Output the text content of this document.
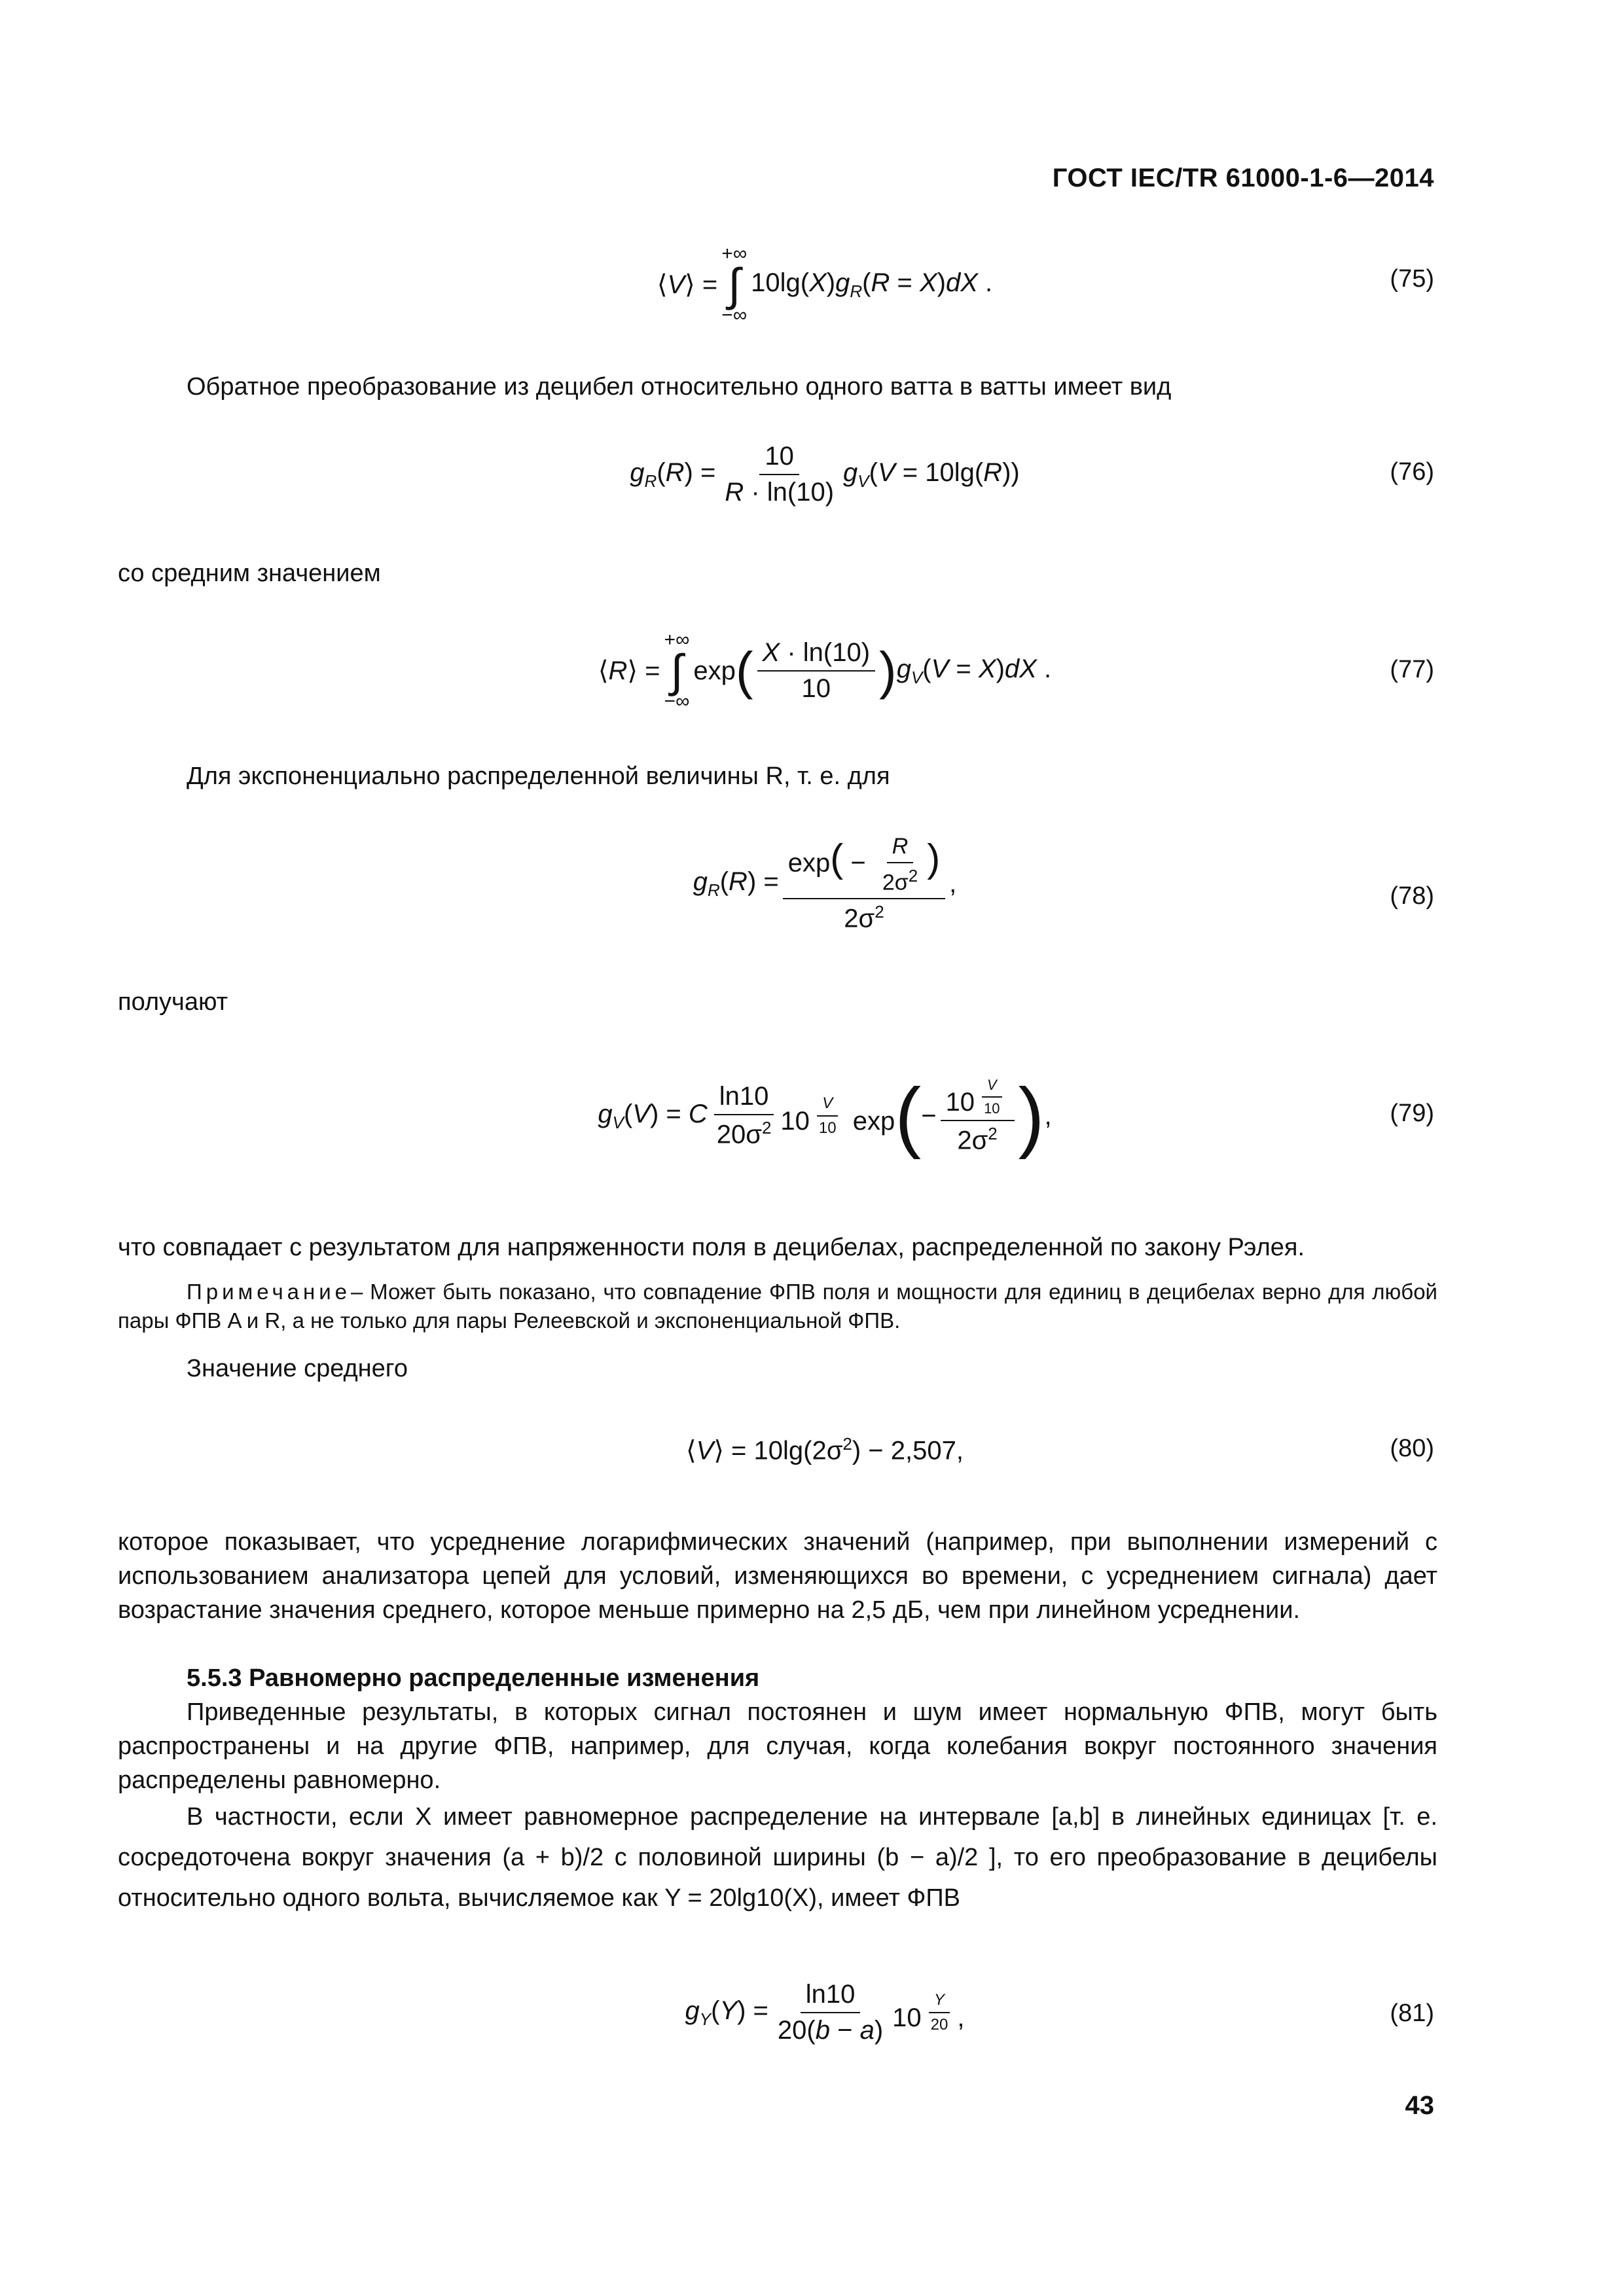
ГОСТ IEC/TR 61000-1-6—2014
⟨V⟩ =
+∞
∫
−∞
$10\lg(X)g_R(R = X)dX$ .	(75)
Обратное преобразование из децибел относительно одного ватта в ватты имеет вид
$g_R(R) = \frac{10}{R \cdot \ln(10)} g_V(V = 10\lg(R))$	(76)
со средним значением
⟨R⟩ =
+∞
∫
−∞
exp ( $\frac{X \cdot \ln(10)}{10}$ ) $g_V(V = X)dX$ .	(77)
Для экспоненциально распределенной величины R, т. е. для
$g_R(R) = \frac{\exp( - \frac{R}{2\sigma^2} )}{2\sigma^2}$ ,	(78)
получают
$g_V(V) = C \frac{\ln 10}{20\sigma^2} 10$ $^{\frac{V}{10}}$ exp ( − 10 $^{\frac{V}{10}}$
$2\sigma^2$ ) ,	(79)
что совпадает с результатом для напряженности поля в децибелах, распределенной по закону Рэлея.
Примечание– Может быть показано, что совпадение ФПВ поля и мощности для единиц в децибелах верно для любой пары ФПВ A и R, а не только для пары Релеевской и экспоненциальной ФПВ.
Значение среднего
⟨V⟩ = $10\lg(2\sigma^2) - 2,507$,	(80)
которое показывает, что усреднение логарифмических значений (например, при выполнении измерений с использованием анализатора цепей для условий, изменяющихся во времени, с усреднением сигнала) дает возрастание значения среднего, которое меньше примерно на 2,5 дБ, чем при линейном усреднении.
5.5.3 Равномерно распределенные изменения
Приведенные результаты, в которых сигнал постоянен и шум имеет нормальную ФПВ, могут быть распространены и на другие ФПВ, например, для случая, когда колебания вокруг постоянного значения распределены равномерно.
В частности, если X имеет равномерное распределение на интервале [a,b] в линейных единицах [т. е. сосредоточена вокруг значения (a + b)/2 с половиной ширины (b − a)/2 ], то его преобразование в децибелы относительно одного вольта, вычисляемое как Y = 20lg10(X), имеет ФПВ
$g_Y(Y) = \frac{\ln 10}{20(b - a)} 10$ $^{\frac{Y}{20}}$ ,	(81)
43
